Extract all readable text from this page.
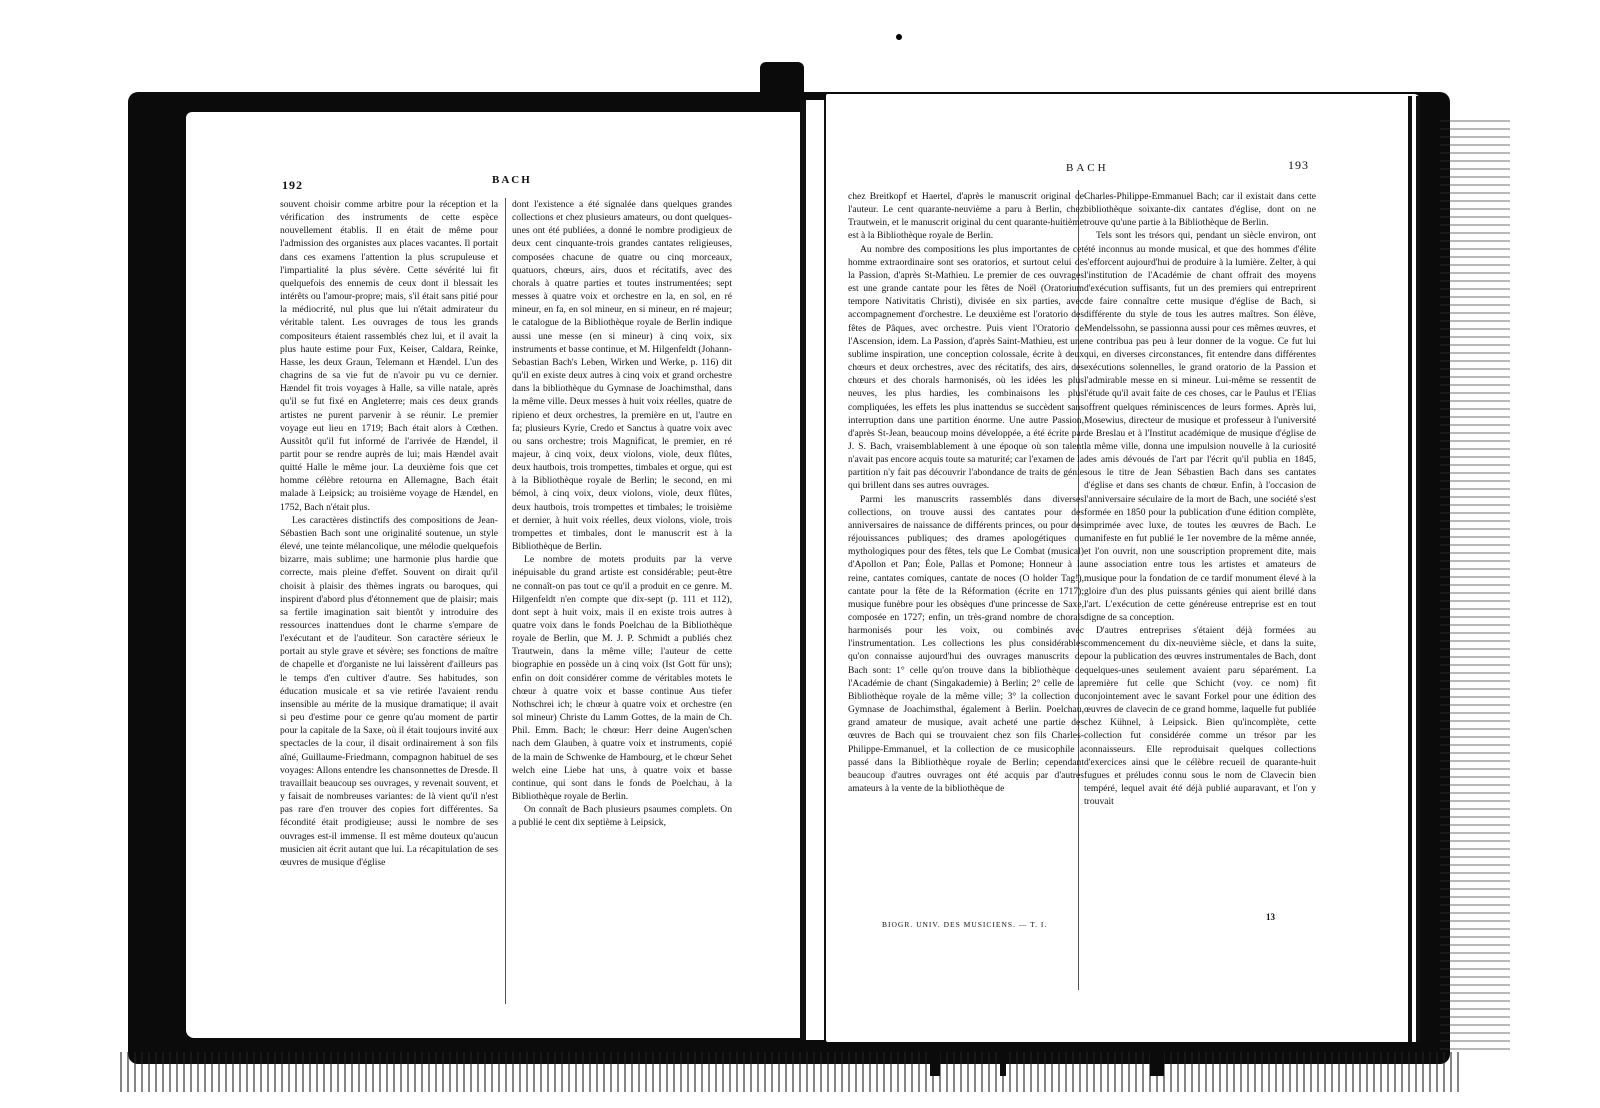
192	BACH

souvent choisir comme arbitre pour la réception et la vérification des instruments de cette espèce nouvellement établis. Il en était de même pour l'admission des organistes aux places vacantes. Il portait dans ces examens l'attention la plus scrupuleuse et l'impartialité la plus sévère. Cette sévérité lui fit quelquefois des ennemis de ceux dont il blessait les intérêts ou l'amour-propre; mais, s'il était sans pitié pour la médiocrité, nul plus que lui n'était admirateur du véritable talent. Les ouvrages de tous les grands compositeurs étaient rassemblés chez lui, et il avait la plus haute estime pour Fux, Keiser, Caldara, Reinke, Hasse, les deux Graun, Telemann et Hændel. L'un des chagrins de sa vie fut de n'avoir pu vu ce dernier. Hændel fit trois voyages à Halle, sa ville natale, après qu'il se fut fixé en Angleterre; mais ces deux grands artistes ne purent parvenir à se réunir. Le premier voyage eut lieu en 1719; Bach était alors à Cœthen. Aussitôt qu'il fut informé de l'arrivée de Hændel, il partit pour se rendre auprès de lui; mais Hændel avait quitté Halle le même jour. La deuxième fois que cet homme célèbre retourna en Allemagne, Bach était malade à Leipsick; au troisième voyage de Hændel, en 1752, Bach n'était plus.

Les caractères distinctifs des compositions de Jean-Sébastien Bach sont une originalité soutenue, un style élevé, une teinte mélancolique, une mélodie quelquefois bizarre, mais sublime; une harmonie plus hardie que correcte, mais pleine d'effet. Souvent on dirait qu'il choisit à plaisir des thèmes ingrats ou baroques, qui inspirent d'abord plus d'étonnement que de plaisir; mais sa fertile imagination sait bientôt y introduire des ressources inattendues dont le charme s'empare de l'exécutant et de l'auditeur. Son caractère sérieux le portait au style grave et sévère; ses fonctions de maître de chapelle et d'organiste ne lui laissèrent d'ailleurs pas le temps d'en cultiver d'autre. Ses habitudes, son éducation musicale et sa vie retirée l'avaient rendu insensible au mérite de la musique dramatique; il avait si peu d'estime pour ce genre qu'au moment de partir pour la capitale de la Saxe, où il était toujours invité aux spectacles de la cour, il disait ordinairement à son fils aîné, Guillaume-Friedmann, compagnon habituel de ses voyages: Allons entendre les chansonnettes de Dresde. Il travaillait beaucoup ses ouvrages, y revenait souvent, et y faisait de nombreuses variantes: de là vient qu'il n'est pas rare d'en trouver des copies fort différentes. Sa fécondité était prodigieuse; aussi le nombre de ses ouvrages est-il immense. Il est même douteux qu'aucun musicien ait écrit autant que lui. La récapitulation de ses œuvres de musique d'église

dont l'existence a été signalée dans quelques grandes collections et chez plusieurs amateurs, ou dont quelques-unes ont été publiées, a donné le nombre prodigieux de deux cent cinquante-trois grandes cantates religieuses, composées chacune de quatre ou cinq morceaux, quatuors, chœurs, airs, duos et récitatifs, avec des chorals à quatre parties et toutes instrumentées; sept messes à quatre voix et orchestre en la, en sol, en ré mineur, en fa, en sol mineur, en si mineur, en ré majeur; le catalogue de la Bibliothèque royale de Berlin indique aussi une messe (en si mineur) à cinq voix, six instruments et basse continue, et M. Hilgenfeldt (Johann-Sebastian Bach's Leben, Wirken und Werke, p. 116) dit qu'il en existe deux autres à cinq voix et grand orchestre dans la bibliothèque du Gymnase de Joachimsthal, dans la même ville. Deux messes à huit voix réelles, quatre de ripieno et deux orchestres, la première en ut, l'autre en fa; plusieurs Kyrie, Credo et Sanctus à quatre voix avec ou sans orchestre; trois Magnificat, le premier, en ré majeur, à cinq voix, deux violons, viole, deux flûtes, deux hautbois, trois trompettes, timbales et orgue, qui est à la Bibliothèque royale de Berlin; le second, en mi bémol, à cinq voix, deux violons, viole, deux flûtes, deux hautbois, trois trompettes et timbales; le troisième et dernier, à huit voix réelles, deux violons, viole, trois trompettes et timbales, dont le manuscrit est à la Bibliothèque de Berlin.

Le nombre de motets produits par la verve inépuisable du grand artiste est considérable; peut-être ne connaît-on pas tout ce qu'il a produit en ce genre. M. Hilgenfeldt n'en compte que dix-sept (p. 111 et 112), dont sept à huit voix, mais il en existe trois autres à quatre voix dans le fonds Poelchau de la Bibliothèque royale de Berlin, que M. J. P. Schmidt a publiés chez Trautwein, dans la même ville; l'auteur de cette biographie en possède un à cinq voix (Ist Gott für uns); enfin on doit considérer comme de véritables motets le chœur à quatre voix et basse continue Aus tiefer Nothschrei ich; le chœur à quatre voix et orchestre (en sol mineur) Christe du Lamm Gottes, de la main de Ch. Phil. Emm. Bach; le chœur: Herr deine Augen'schen nach dem Glauben, à quatre voix et instruments, copié de la main de Schwenke de Hambourg, et le chœur Sehet welch eine Liebe hat uns, à quatre voix et basse continue, qui sont dans le fonds de Poelchau, à la Bibliothèque royale de Berlin.

On connaît de Bach plusieurs psaumes complets. On a publié le cent dix septième à Leipsick,

BACH	193

chez Breitkopf et Haertel, d'après le manuscrit original de l'auteur. Le cent quarante-neuvième a paru à Berlin, chez Trautwein, et le manuscrit original du cent quarante-huitième est à la Bibliothèque royale de Berlin.

Au nombre des compositions les plus importantes de cet homme extraordinaire sont ses oratorios, et surtout celui de la Passion, d'après St-Mathieu. Le premier de ces ouvrages est une grande cantate pour les fêtes de Noël (Oratorium tempore Nativitatis Christi), divisée en six parties, avec accompagnement d'orchestre. Le deuxième est l'oratorio des fêtes de Pâques, avec orchestre. Puis vient l'Oratorio de l'Ascension, idem. La Passion, d'après Saint-Mathieu, est une sublime inspiration, une conception colossale, écrite à deux chœurs et deux orchestres, avec des récitatifs, des airs, des chœurs et des chorals harmonisés, où les idées les plus neuves, les plus hardies, les combinaisons les plus compliquées, les effets les plus inattendus se succèdent sans interruption dans une partition énorme. Une autre Passion, d'après St-Jean, beaucoup moins développée, a été écrite par J. S. Bach, vraisemblablement à une époque où son talent n'avait pas encore acquis toute sa maturité; car l'examen de la partition n'y fait pas découvrir l'abondance de traits de génie qui brillent dans ses autres ouvrages.

Parmi les manuscrits rassemblés dans diverses collections, on trouve aussi des cantates pour des anniversaires de naissance de différents princes, ou pour des réjouissances publiques; des drames apologétiques ou mythologiques pour des fêtes, tels que Le Combat (musical) d'Apollon et Pan; Éole, Pallas et Pomone; Honneur à la reine, cantates comiques, cantate de noces (O holder Tag!), cantate pour la fête de la Réformation (écrite en 1717); musique funèbre pour les obsèques d'une princesse de Saxe, composée en 1727; enfin, un très-grand nombre de chorals harmonisés pour les voix, ou combinés avec l'instrumentation. Les collections les plus considérables qu'on connaisse aujourd'hui des ouvrages manuscrits de Bach sont: 1° celle qu'on trouve dans la bibliothèque de l'Académie de chant (Singakademie) à Berlin; 2° celle de la Bibliothèque royale de la même ville; 3° la collection du Gymnase de Joachimsthal, également à Berlin. Poelchau, grand amateur de musique, avait acheté une partie des œuvres de Bach qui se trouvaient chez son fils Charles-Philippe-Emmanuel, et la collection de ce musicophile a passé dans la Bibliothèque royale de Berlin; cependant beaucoup d'autres ouvrages ont été acquis par d'autres amateurs à la vente de la bibliothèque de

Charles-Philippe-Emmanuel Bach; car il existait dans cette bibliothèque soixante-dix cantates d'église, dont on ne trouve qu'une partie à la Bibliothèque de Berlin.

Tels sont les trésors qui, pendant un siècle environ, ont été inconnus au monde musical, et que des hommes d'élite s'efforcent aujourd'hui de produire à la lumière. Zelter, à qui l'institution de l'Académie de chant offrait des moyens d'exécution suffisants, fut un des premiers qui entreprirent de faire connaître cette musique d'église de Bach, si différente du style de tous les autres maîtres. Son élève, Mendelssohn, se passionna aussi pour ces mêmes œuvres, et ne contribua pas peu à leur donner de la vogue. Ce fut lui qui, en diverses circonstances, fit entendre dans différentes exécutions solennelles, le grand oratorio de la Passion et l'admirable messe en si mineur. Lui-même se ressentit de l'étude qu'il avait faite de ces choses, car le Paulus et l'Elias offrent quelques réminiscences de leurs formes. Après lui, Mosewius, directeur de musique et professeur à l'université de Breslau et à l'Institut académique de musique d'église de la même ville, donna une impulsion nouvelle à la curiosité des amis dévoués de l'art par l'écrit qu'il publia en 1845, sous le titre de Jean Sébastien Bach dans ses cantates d'église et dans ses chants de chœur. Enfin, à l'occasion de l'anniversaire séculaire de la mort de Bach, une société s'est formée en 1850 pour la publication d'une édition complète, imprimée avec luxe, de toutes les œuvres de Bach. Le manifeste en fut publié le 1er novembre de la même année, et l'on ouvrit, non une souscription proprement dite, mais une association entre tous les artistes et amateurs de musique pour la fondation de ce tardif monument élevé à la gloire d'un des plus puissants génies qui aient brillé dans l'art. L'exécution de cette généreuse entreprise est en tout digne de sa conception.

D'autres entreprises s'étaient déjà formées au commencement du dix-neuvième siècle, et dans la suite, pour la publication des œuvres instrumentales de Bach, dont quelques-unes seulement avaient paru séparément. La première fut celle que Schicht (voy. ce nom) fit conjointement avec le savant Forkel pour une édition des œuvres de clavecin de ce grand homme, laquelle fut publiée chez Kühnel, à Leipsick. Bien qu'incomplète, cette collection fut considérée comme un trésor par les connaisseurs. Elle reproduisait quelques collections d'exercices ainsi que le célèbre recueil de quarante-huit fugues et préludes connu sous le nom de Clavecin bien tempéré, lequel avait été déjà publié auparavant, et l'on y trouvait

BIOGR. UNIV. DES MUSICIENS. — T. I.
13
